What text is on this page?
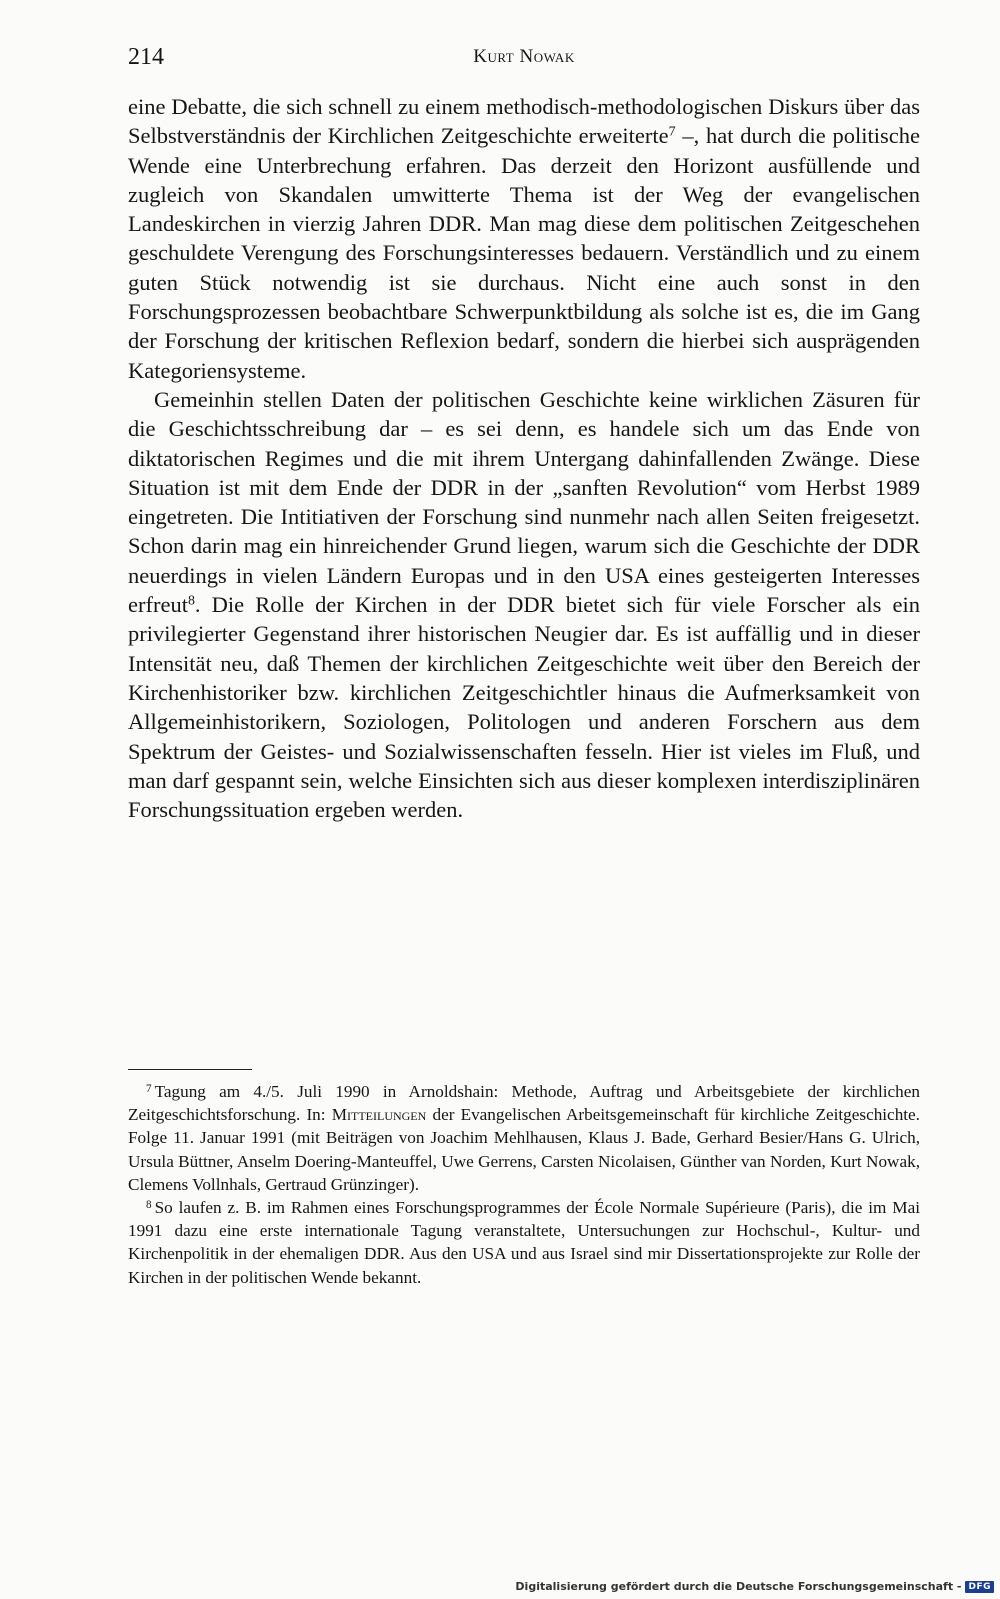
214	Kurt Nowak

eine Debatte, die sich schnell zu einem methodisch-methodologischen Diskurs über das Selbstverständnis der Kirchlichen Zeitgeschichte erweiterte$^7$ –, hat durch die politische Wende eine Unterbrechung erfahren. Das derzeit den Horizont ausfüllende und zugleich von Skandalen umwitterte Thema ist der Weg der evangelischen Landeskirchen in vierzig Jahren DDR. Man mag diese dem politischen Zeitgeschehen geschuldete Verengung des Forschungsinteresses bedauern. Verständlich und zu einem guten Stück notwendig ist sie durchaus. Nicht eine auch sonst in den Forschungsprozessen beobachtbare Schwerpunktbildung als solche ist es, die im Gang der Forschung der kritischen Reflexion bedarf, sondern die hierbei sich ausprägenden Kategoriensysteme.

Gemeinhin stellen Daten der politischen Geschichte keine wirklichen Zäsuren für die Geschichtsschreibung dar – es sei denn, es handele sich um das Ende von diktatorischen Regimes und die mit ihrem Untergang dahinfallenden Zwänge. Diese Situation ist mit dem Ende der DDR in der „sanften Revolution“ vom Herbst 1989 eingetreten. Die Intitiativen der Forschung sind nunmehr nach allen Seiten freigesetzt. Schon darin mag ein hinreichender Grund liegen, warum sich die Geschichte der DDR neuerdings in vielen Ländern Europas und in den USA eines gesteigerten Interesses erfreut$^8$. Die Rolle der Kirchen in der DDR bietet sich für viele Forscher als ein privilegierter Gegenstand ihrer historischen Neugier dar. Es ist auffällig und in dieser Intensität neu, daß Themen der kirchlichen Zeitgeschichte weit über den Bereich der Kirchenhistoriker bzw. kirchlichen Zeitgeschichtler hinaus die Aufmerksamkeit von Allgemeinhistorikern, Soziologen, Politologen und anderen Forschern aus dem Spektrum der Geistes- und Sozialwissenschaften fesseln. Hier ist vieles im Fluß, und man darf gespannt sein, welche Einsichten sich aus dieser komplexen interdisziplinären Forschungssituation ergeben werden.

$^7$ Tagung am 4./5. Juli 1990 in Arnoldshain: Methode, Auftrag und Arbeitsgebiete der kirchlichen Zeitgeschichtsforschung. In: Mitteilungen der Evangelischen Arbeitsgemeinschaft für kirchliche Zeitgeschichte. Folge 11. Januar 1991 (mit Beiträgen von Joachim Mehlhausen, Klaus J. Bade, Gerhard Besier/Hans G. Ulrich, Ursula Büttner, Anselm Doering-Manteuffel, Uwe Gerrens, Carsten Nicolaisen, Günther van Norden, Kurt Nowak, Clemens Vollnhals, Gertraud Grünzinger).

$^8$ So laufen z. B. im Rahmen eines Forschungsprogrammes der École Normale Supérieure (Paris), die im Mai 1991 dazu eine erste internationale Tagung veranstaltete, Untersuchungen zur Hochschul-, Kultur- und Kirchenpolitik in der ehemaligen DDR. Aus den USA und aus Israel sind mir Dissertationsprojekte zur Rolle der Kirchen in der politischen Wende bekannt.

Digitalisierung gefördert durch die Deutsche Forschungsgemeinschaft - DFG
